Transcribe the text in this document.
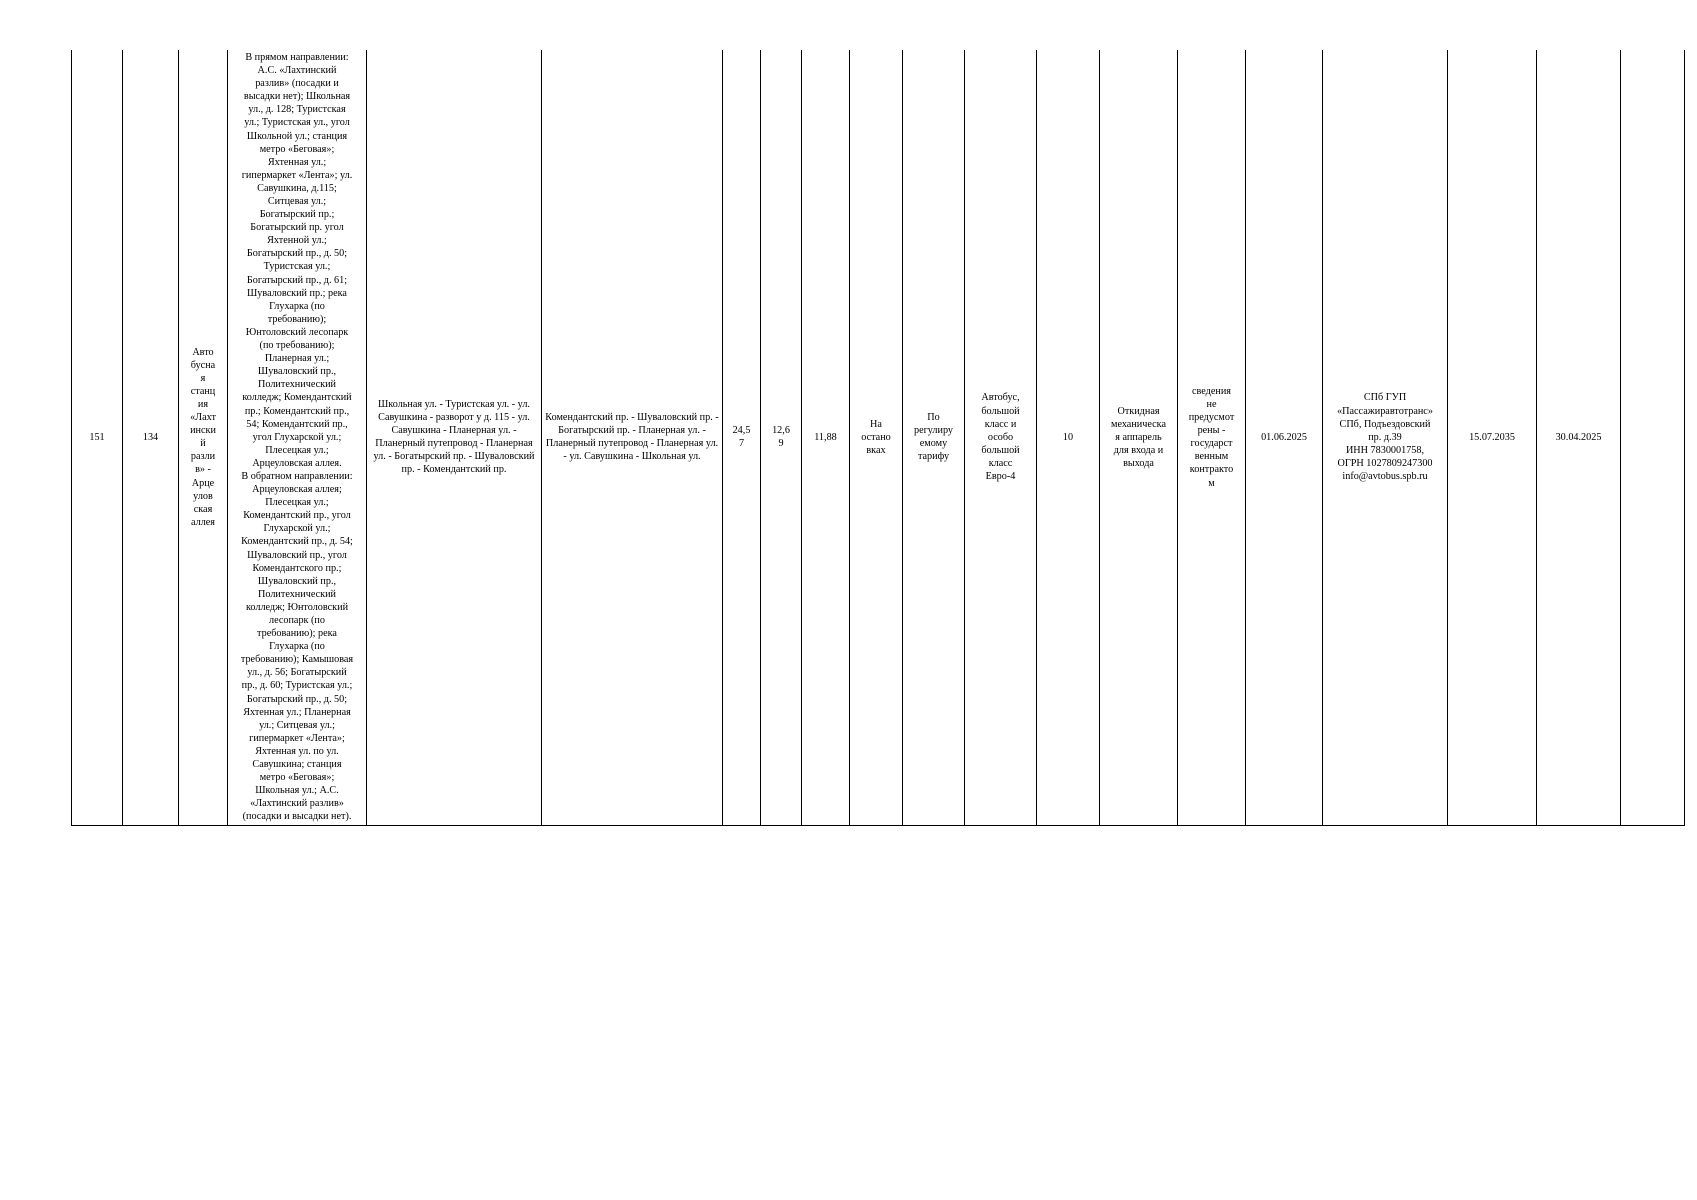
151	134	Авто
бусна
я
станц
ия
«Лахт
ински
й
разли
в» -
Арце
улов
ская
аллея	В прямом направлении:
А.С. «Лахтинский
разлив» (посадки и
высадки нет); Школьная
ул., д. 128; Туристская
ул.; Туристская ул., угол
Школьной ул.; станция
метро «Беговая»;
Яхтенная ул.;
гипермаркет «Лента»; ул.
Савушкина, д.115;
Ситцевая ул.;
Богатырский пр.;
Богатырский пр. угол
Яхтенной ул.;
Богатырский пр., д. 50;
Туристская ул.;
Богатырский пр., д. 61;
Шуваловский пр.; река
Глухарка (по
требованию);
Юнтоловский лесопарк
(по требованию);
Планерная ул.;
Шуваловский пр.,
Политехнический
колледж; Комендантский
пр.; Комендантский пр.,
54; Комендантский пр.,
угол Глухарской ул.;
Плесецкая ул.;
Арцеуловская аллея.
В обратном направлении:
Арцеуловская аллея;
Плесецкая ул.;
Комендантский пр., угол
Глухарской ул.;
Комендантский пр., д. 54;
Шуваловский пр., угол
Комендантского пр.;
Шуваловский пр.,
Политехнический
колледж; Юнтоловский
лесопарк (по
требованию); река
Глухарка (по
требованию); Камышовая
ул., д. 56; Богатырский
пр., д. 60; Туристская ул.;
Богатырский пр., д. 50;
Яхтенная ул.; Планерная
ул.; Ситцевая ул.;
гипермаркет «Лента»;
Яхтенная ул. по ул.
Савушкина; станция
метро «Беговая»;
Школьная ул.; А.С.
«Лахтинский разлив»
(посадки и высадки нет).	Школьная ул. - Туристская ул. - ул. Савушкина - разворот у д. 115 - ул. Савушкина - Планерная ул. - Планерный путепровод - Планерная ул. - Богатырский пр. - Шуваловский пр. - Комендантский пр.	Комендантский пр. - Шуваловский пр. - Богатырский пр. - Планерная ул. - Планерный путепровод - Планерная ул. - ул. Савушкина - Школьная ул.	24,5
7	12,6
9	11,88	На
остано
вках	По
регулиру
емому
тарифу	Автобус,
большой
класс и
особо
большой
класс
Евро-4	10	Откидная
механическа
я аппарель
для входа и
выхода	сведения
не
предусмот
рены -
государст
венным
контракто
м	01.06.2025	СПб ГУП
«Пассажиравтотранс»
СПб, Подъездовский
пр. д.39
ИНН 7830001758,
ОГРН 1027809247300
info@avtobus.spb.ru	15.07.2035	30.04.2025	
